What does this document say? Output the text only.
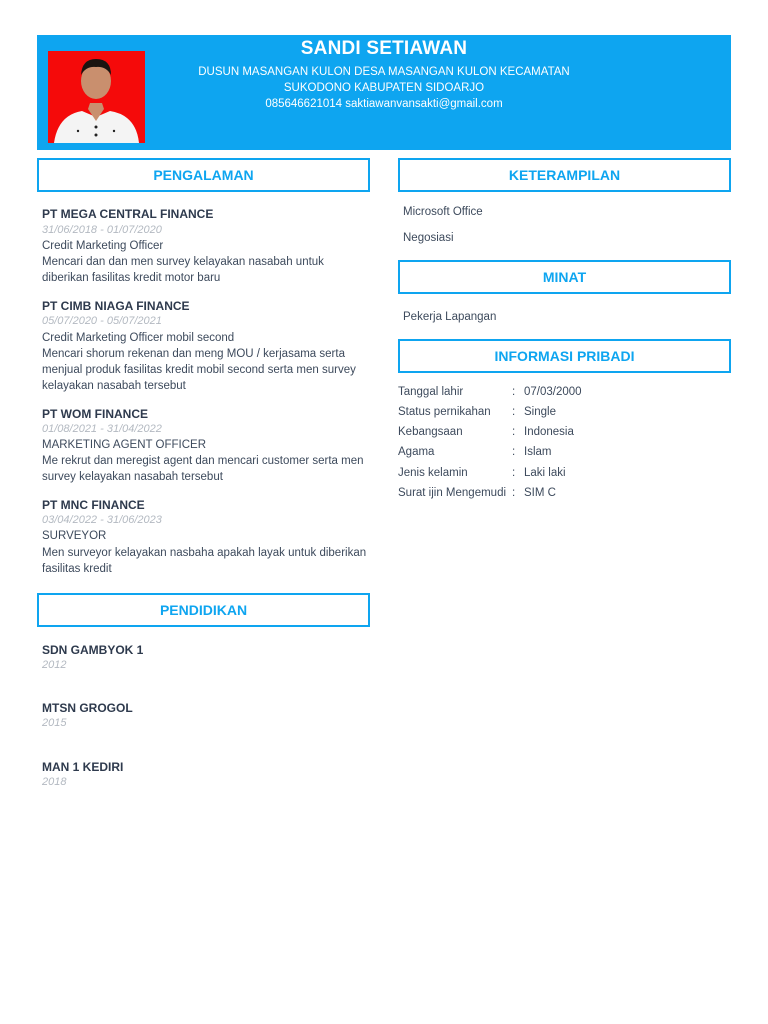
SANDI SETIAWAN
DUSUN MASANGAN KULON DESA MASANGAN KULON KECAMATAN
SUKODONO KABUPATEN SIDOARJO
085646621014 saktiawanvansakti@gmail.com
PENGALAMAN
PT MEGA CENTRAL FINANCE
31/06/2018 - 01/07/2020
Credit Marketing Officer
Mencari dan dan men survey kelayakan nasabah untuk
diberikan fasilitas kredit motor baru
PT CIMB NIAGA FINANCE
05/07/2020 - 05/07/2021
Credit Marketing Officer mobil second
Mencari shorum rekenan dan meng MOU / kerjasama serta
menjual produk fasilitas kredit mobil second serta men survey
kelayakan nasabah tersebut
PT WOM FINANCE
01/08/2021 - 31/04/2022
MARKETING AGENT OFFICER
Me rekrut dan meregist agent dan mencari customer serta men
survey kelayakan nasabah tersebut
PT MNC FINANCE
03/04/2022 - 31/06/2023
SURVEYOR
Men surveyor kelayakan nasbaha apakah layak untuk diberikan
fasilitas kredit
PENDIDIKAN
SDN GAMBYOK 1
2012
MTSN GROGOL
2015
MAN 1 KEDIRI
2018
KETERAMPILAN
Microsoft Office
Negosiasi
MINAT
Pekerja Lapangan
INFORMASI PRIBADI
Tanggal lahir	: 07/03/2000
Status pernikahan : Single
Kebangsaan	: Indonesia
Agama	: Islam
Jenis kelamin	: Laki laki
Surat ijin Mengemudi : SIM C
